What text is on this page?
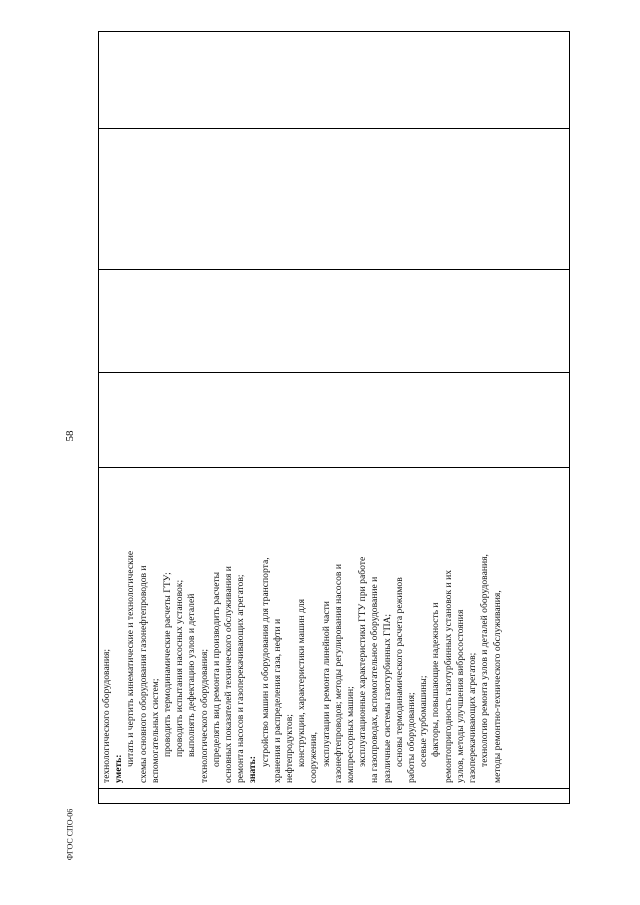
58
технологического оборудования; уметь:
читать и чертить кинематические и технологические схемы основного оборудования газонефтепроводов и вспомогательных систем; проводить термодинамические расчеты ГТУ; проводить испытания насосных установок; выполнять дефектацию узлов и деталей технологического оборудования; определять вид ремонта и производить расчеты основных показателей технического обслуживания и ремонта насосов и газоперекачивающих агрегатов; знать:
устройство машин и оборудования для транспорта, хранения и распределения газа, нефти и нефтепродуктов; конструкции, характеристики машин для сооружения, эксплуатации и ремонта линейной части газонефтепроводов; методы регулирования насосов и компрессорных машин; эксплуатационные характеристики ГТУ при работе на газопроводах, вспомогательное оборудование и различные системы газотурбинных ГПА; основы термодинамического расчета режимов работы оборудования; осевые турбомашины; факторы, повышающие надежность и ремонтопригодность газотурбинных установок и их узлов, методы улучшения вибросостояния газоперекачивающих агрегатов; технологию ремонта узлов и деталей оборудования, методы ремонтно-технического обслуживания,
ФГОС СПО-06
